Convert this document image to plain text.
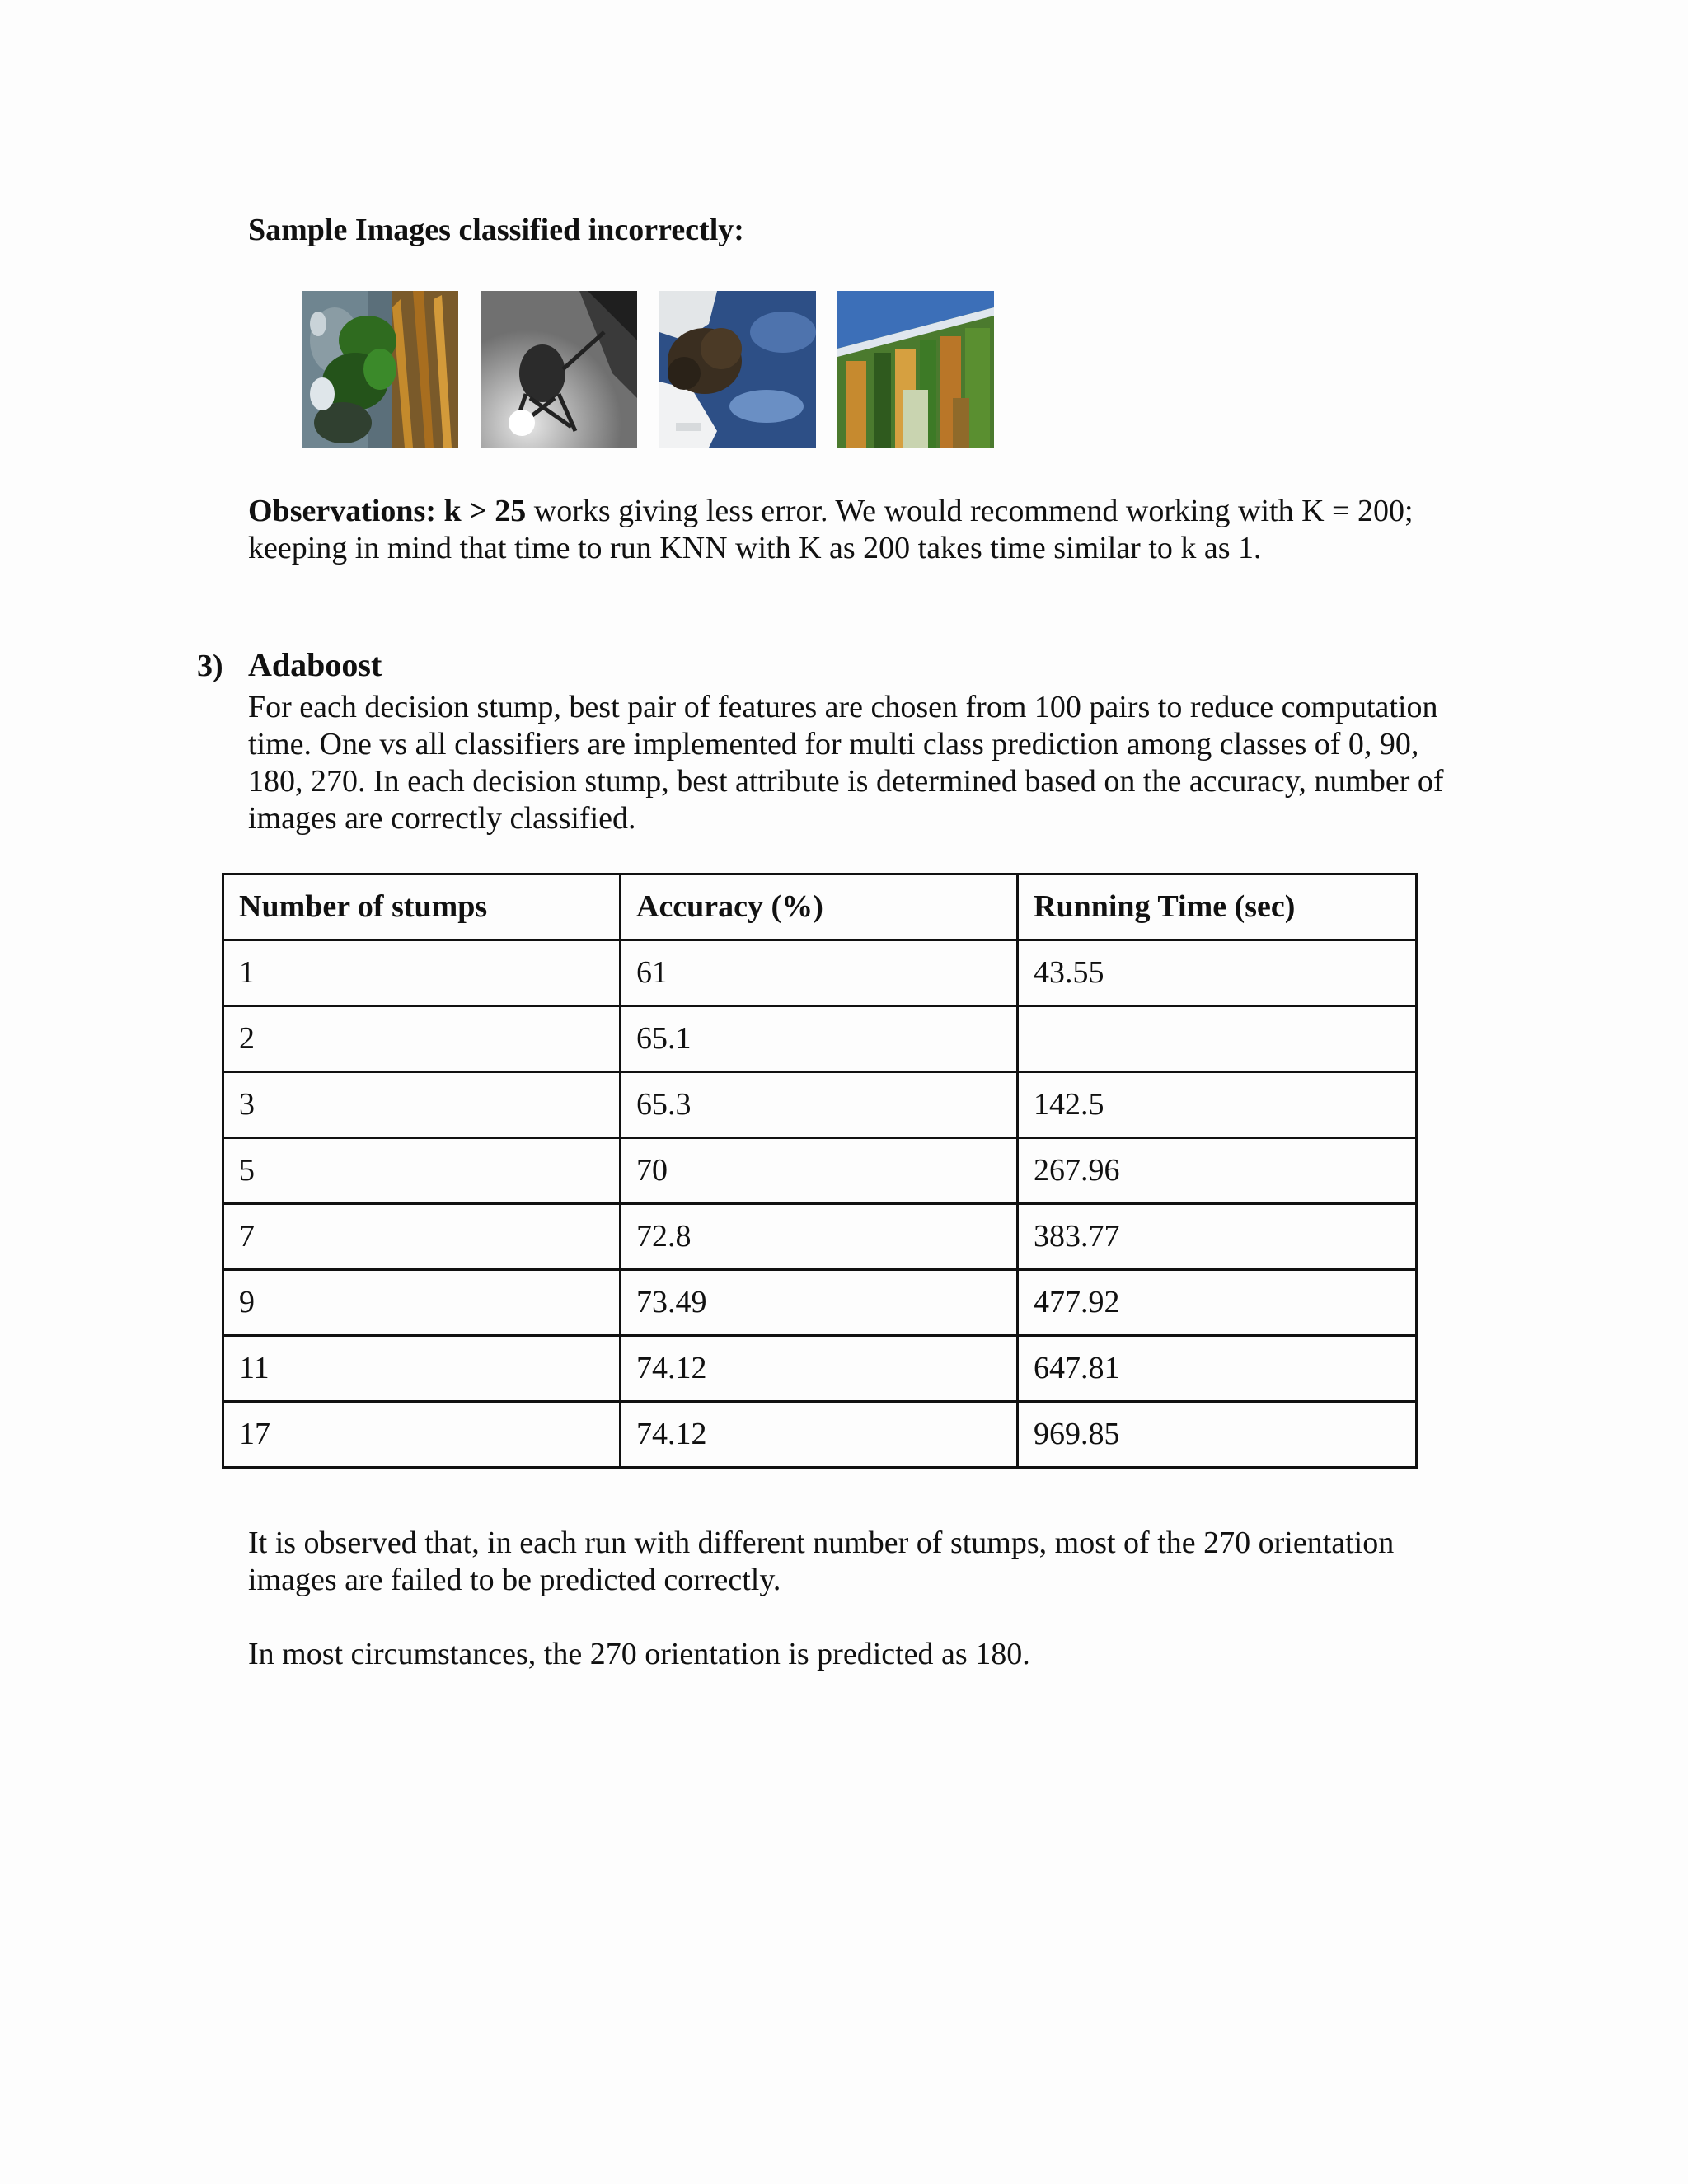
Sample Images classified incorrectly:
Observations: k > 25 works giving less error. We would recommend working with K = 200; keeping in mind that time to run KNN with K as 200 takes time similar to k as 1.
3) Adaboost
For each decision stump, best pair of features are chosen from 100 pairs to reduce computation time. One vs all classifiers are implemented for multi class prediction among classes of 0, 90, 180, 270. In each decision stump, best attribute is determined based on the accuracy, number of images are correctly classified.
Number of stumps	Accuracy (%)	Running Time (sec)
1	61	43.55
2	65.1	
3	65.3	142.5
5	70	267.96
7	72.8	383.77
9	73.49	477.92
11	74.12	647.81
17	74.12	969.85
It is observed that, in each run with different number of stumps, most of the 270 orientation images are failed to be predicted correctly.
In most circumstances, the 270 orientation is predicted as 180.
